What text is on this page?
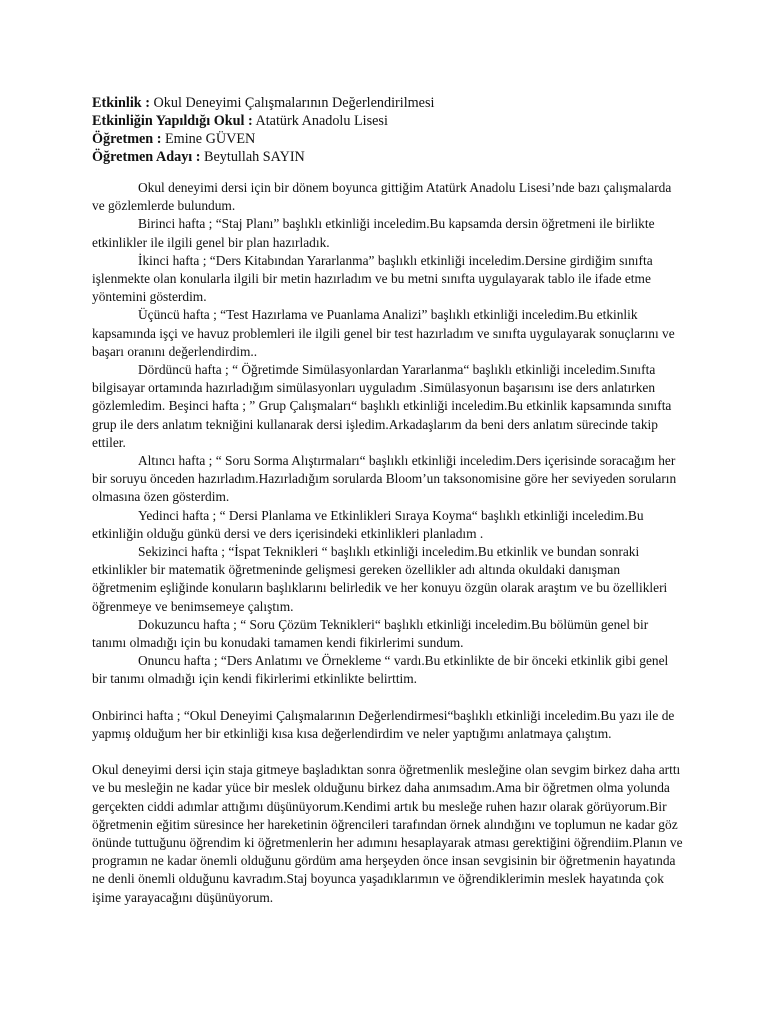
Etkinlik : Okul Deneyimi Çalışmalarının Değerlendirilmesi
Etkinliğin Yapıldığı Okul : Atatürk Anadolu Lisesi
Öğretmen : Emine GÜVEN
Öğretmen Adayı : Beytullah SAYIN

Okul deneyimi dersi için bir dönem boyunca gittiğim Atatürk Anadolu Lisesi’nde bazı çalışmalarda ve gözlemlerde bulundum.

Birinci hafta ; “Staj Planı” başlıklı etkinliği inceledim.Bu kapsamda dersin öğretmeni ile birlikte etkinlikler ile ilgili genel bir plan hazırladık.

İkinci hafta ; “Ders Kitabından Yararlanma” başlıklı etkinliği inceledim.Dersine girdiğim sınıfta işlenmekte olan konularla ilgili bir metin hazırladım ve bu metni sınıfta uygulayarak tablo ile ifade etme yöntemini gösterdim.

Üçüncü hafta ; “Test Hazırlama ve Puanlama Analizi” başlıklı etkinliği inceledim.Bu etkinlik kapsamında işçi ve havuz problemleri ile ilgili genel bir test hazırladım ve sınıfta uygulayarak sonuçlarını ve başarı oranını değerlendirdim..

Dördüncü hafta ; “ Öğretimde Simülasyonlardan Yararlanma“ başlıklı etkinliği inceledim.Sınıfta bilgisayar ortamında hazırladığım simülasyonları uyguladım .Simülasyonun başarısını ise ders anlatırken gözlemledim. Beşinci hafta ; ” Grup Çalışmaları“ başlıklı etkinliği inceledim.Bu etkinlik kapsamında sınıfta grup ile ders anlatım tekniğini kullanarak dersi işledim.Arkadaşlarım da beni ders anlatım sürecinde takip ettiler.

Altıncı hafta ; “ Soru Sorma Alıştırmaları“ başlıklı etkinliği inceledim.Ders içerisinde soracağım her bir soruyu önceden hazırladım.Hazırladığım sorularda Bloom’un taksonomisine göre her seviyeden soruların olmasına özen gösterdim.

Yedinci hafta ; “ Dersi Planlama ve Etkinlikleri Sıraya Koyma“ başlıklı etkinliği inceledim.Bu etkinliğin olduğu günkü dersi ve ders içerisindeki etkinlikleri planladım .

Sekizinci hafta ; “İspat Teknikleri “ başlıklı etkinliği inceledim.Bu etkinlik ve bundan sonraki etkinlikler bir matematik öğretmeninde gelişmesi gereken özellikler adı altında okuldaki danışman öğretmenim eşliğinde konuların başlıklarını belirledik ve her konuyu özgün olarak araştım ve bu özellikleri öğrenmeye ve benimsemeye çalıştım.

Dokuzuncu hafta ; “ Soru Çözüm Teknikleri“ başlıklı etkinliği inceledim.Bu bölümün genel bir tanımı olmadığı için bu konudaki tamamen kendi fikirlerimi sundum.

Onuncu hafta ; “Ders Anlatımı ve Örnekleme “ vardı.Bu etkinlikte de bir önceki etkinlik gibi genel bir tanımı olmadığı için kendi fikirlerimi etkinlikte belirttim.

Onbirinci hafta ; “Okul Deneyimi Çalışmalarının Değerlendirmesi“başlıklı etkinliği inceledim.Bu yazı ile de yapmış olduğum her bir etkinliği kısa kısa değerlendirdim ve neler yaptığımı anlatmaya çalıştım.

Okul deneyimi dersi için staja gitmeye başladıktan sonra öğretmenlik mesleğine olan sevgim birkez daha arttı ve bu mesleğin ne kadar yüce bir meslek olduğunu birkez daha anımsadım.Ama bir öğretmen olma yolunda gerçekten ciddi adımlar attığımı düşünüyorum.Kendimi artık bu mesleğe ruhen hazır olarak görüyorum.Bir öğretmenin eğitim süresince her hareketinin öğrencileri tarafından örnek alındığını ve toplumun ne kadar göz önünde tuttuğunu öğrendim ki öğretmenlerin her adımını hesaplayarak atması gerektiğini öğrendiim.Planın ve programın ne kadar önemli olduğunu gördüm ama herşeyden önce insan sevgisinin bir öğretmenin hayatında ne denli önemli olduğunu kavradım.Staj boyunca yaşadıklarımın ve öğrendiklerimin meslek hayatında çok işime yarayacağını düşünüyorum.
